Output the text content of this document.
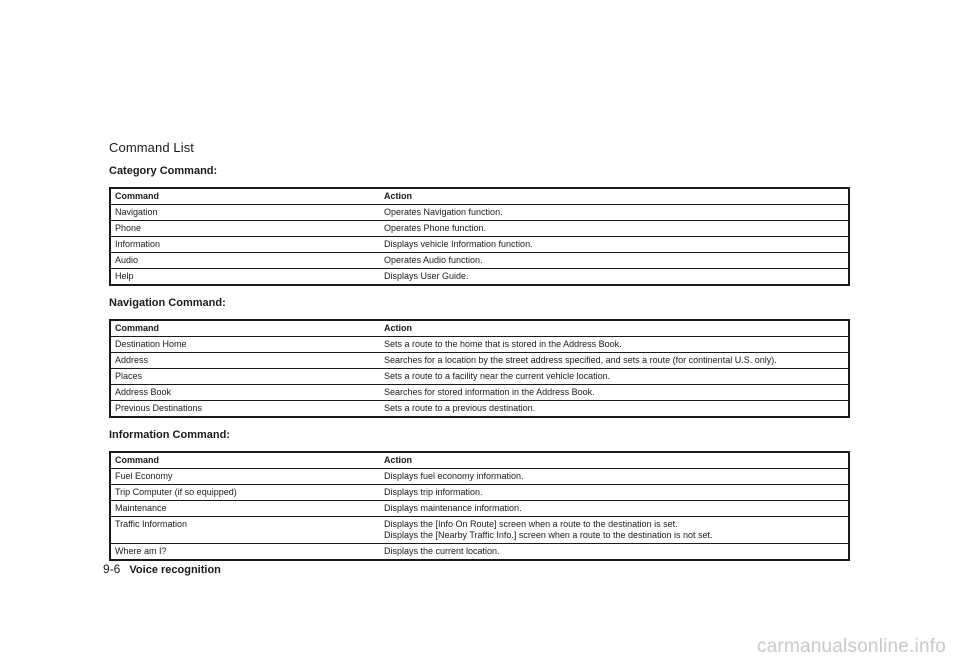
Command List
Category Command:
Command	Action
Navigation	Operates Navigation function.
Phone	Operates Phone function.
Information	Displays vehicle Information function.
Audio	Operates Audio function.
Help	Displays User Guide.
Navigation Command:
Command	Action
Destination Home	Sets a route to the home that is stored in the Address Book.
Address	Searches for a location by the street address specified, and sets a route (for continental U.S. only).
Places	Sets a route to a facility near the current vehicle location.
Address Book	Searches for stored information in the Address Book.
Previous Destinations	Sets a route to a previous destination.
Information Command:
Command	Action
Fuel Economy	Displays fuel economy information.
Trip Computer (if so equipped)	Displays trip information.
Maintenance	Displays maintenance information.
Traffic Information	Displays the [Info On Route] screen when a route to the destination is set.
Displays the [Nearby Traffic Info.] screen when a route to the destination is not set.
Where am I?	Displays the current location.
9-6 Voice recognition
carmanualsonline.info
